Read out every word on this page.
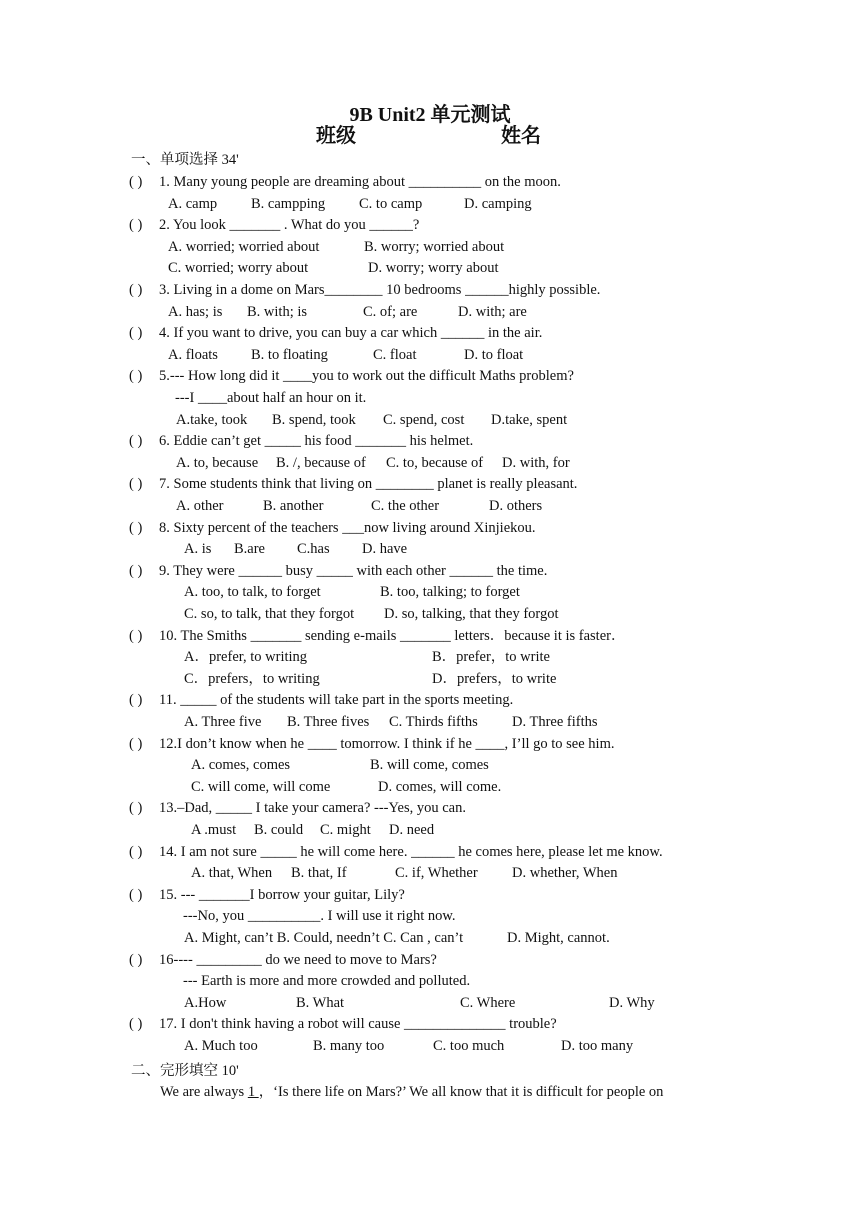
9B Unit2 单元测试
班级	姓名
一、单项选择 34'
( ) 1. Many young people are dreaming about __________ on the moon.
A. camp B. campping C. to camp	D. camping
( ) 2. You look _______ . What do you ______?
A. worried; worried about	B. worry; worried about
C. worried; worry about	D. worry; worry about
( ) 3. Living in a dome on Mars________ 10 bedrooms ______highly possible.
A. has; is B. with; is	C. of; are	D. with; are
( ) 4. If you want to drive, you can buy a car which ______ in the air.
A. floats B. to floating	C. float	D. to float
( ) 5.--- How long did it ____you to work out the difficult Maths problem?
---I ____about half an hour on it.
A.take, took B. spend, took C. spend, cost D.take, spent
( ) 6. Eddie can’t get _____ his food _______ his helmet.
A. to, because B. /, because of C. to, because of D. with, for
( ) 7. Some students think that living on ________ planet is really pleasant.
A. other	B. another	C. the other	D. others
( ) 8. Sixty percent of the teachers ___now living around Xinjiekou.
A. is B.are C.has D. have
( ) 9. They were ______ busy _____ with each other ______ the time.
A. too, to talk, to forget	B. too, talking; to forget
C. so, to talk, that they forgot D. so, talking, that they forgot
( ) 10. The Smiths _______ sending e-mails _______ letters．because it is faster．
A．prefer, to writing	B．prefer，to write
C．prefers，to writing	D．prefers，to write
( ) 11. _____ of the students will take part in the sports meeting.
A. Three five B. Three fives C. Thirds fifths D. Three fifths
( ) 12.I don’t know when he ____ tomorrow. I think if he ____, I’ll go to see him.
A. comes, comes	B. will come, comes
C. will come, will come	D. comes, will come.
( ) 13.–Dad, _____ I take your camera? ---Yes, you can.
A .must B. could C. might D. need
( ) 14. I am not sure _____ he will come here. ______ he comes here, please let me know.
A. that, When B. that, If	C. if, Whether D. whether, When
( ) 15. --- _______I borrow your guitar, Lily?
---No, you __________. I will use it right now.
A. Might, can’t B. Could, needn’t C. Can , can’t	D. Might, cannot.
( ) 16---- _________ do we need to move to Mars?
--- Earth is more and more crowded and polluted.
A.How	B. What	C. Where	D. Why
( ) 17. I don't think having a robot will cause ______________ trouble?
A. Much too	B. many too	C. too much	D. too many
二、完形填空 10'
We are always 1 ，‘Is there life on Mars?’ We all know that it is difficult for people on
